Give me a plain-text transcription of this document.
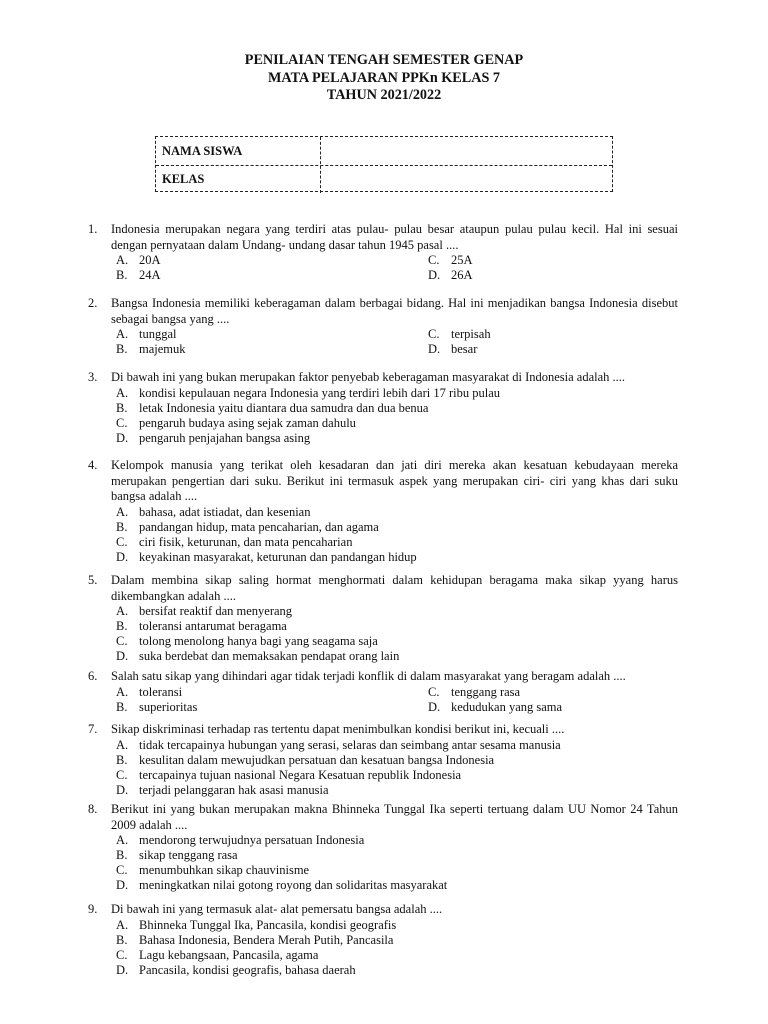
PENILAIAN TENGAH SEMESTER GENAP
MATA PELAJARAN PPKn KELAS 7
TAHUN 2021/2022
NAMA SISWA
KELAS
1.	Indonesia merupakan negara yang terdiri atas pulau- pulau besar ataupun pulau pulau kecil. Hal ini sesuai dengan pernyataan dalam Undang- undang dasar tahun 1945 pasal ....
A. 20A
B. 24A
C. 25A
D. 26A
2.	Bangsa Indonesia memiliki keberagaman dalam berbagai bidang. Hal ini menjadikan bangsa Indonesia disebut sebagai bangsa yang ....
A. tunggal
B. majemuk
C. terpisah
D. besar
3.	Di bawah ini yang bukan merupakan faktor penyebab keberagaman masyarakat di Indonesia adalah ....
A. kondisi kepulauan negara Indonesia yang terdiri lebih dari 17 ribu pulau
B. letak Indonesia yaitu diantara dua samudra dan dua benua
C. pengaruh budaya asing sejak zaman dahulu
D. pengaruh penjajahan bangsa asing
4.	Kelompok manusia yang terikat oleh kesadaran dan jati diri mereka akan kesatuan kebudayaan mereka merupakan pengertian dari suku. Berikut ini termasuk aspek yang merupakan ciri- ciri yang khas dari suku bangsa adalah ....
A. bahasa, adat istiadat, dan kesenian
B. pandangan hidup, mata pencaharian, dan agama
C. ciri fisik, keturunan, dan mata pencaharian
D. keyakinan masyarakat, keturunan dan pandangan hidup
5.	Dalam membina sikap saling hormat menghormati dalam kehidupan beragama maka sikap yyang harus dikembangkan adalah ....
A. bersifat reaktif dan menyerang
B. toleransi antarumat beragama
C. tolong menolong hanya bagi yang seagama saja
D. suka berdebat dan memaksakan pendapat orang lain
6.	Salah satu sikap yang dihindari agar tidak terjadi konflik di dalam masyarakat yang beragam adalah ....
A. toleransi
B. superioritas
C. tenggang rasa
D. kedudukan yang sama
7.	Sikap diskriminasi terhadap ras tertentu dapat menimbulkan kondisi berikut ini, kecuali ....
A. tidak tercapainya hubungan yang serasi, selaras dan seimbang antar sesama manusia
B. kesulitan dalam mewujudkan persatuan dan kesatuan bangsa Indonesia
C. tercapainya tujuan nasional Negara Kesatuan republik Indonesia
D. terjadi pelanggaran hak asasi manusia
8.	Berikut ini yang bukan merupakan makna Bhinneka Tunggal Ika seperti tertuang dalam UU Nomor 24 Tahun 2009 adalah ....
A. mendorong terwujudnya persatuan Indonesia
B. sikap tenggang rasa
C. menumbuhkan sikap chauvinisme
D. meningkatkan nilai gotong royong dan solidaritas masyarakat
9.	Di bawah ini yang termasuk alat- alat pemersatu bangsa adalah ....
A. Bhinneka Tunggal Ika, Pancasila, kondisi geografis
B. Bahasa Indonesia, Bendera Merah Putih, Pancasila
C. Lagu kebangsaan, Pancasila, agama
D. Pancasila, kondisi geografis, bahasa daerah
